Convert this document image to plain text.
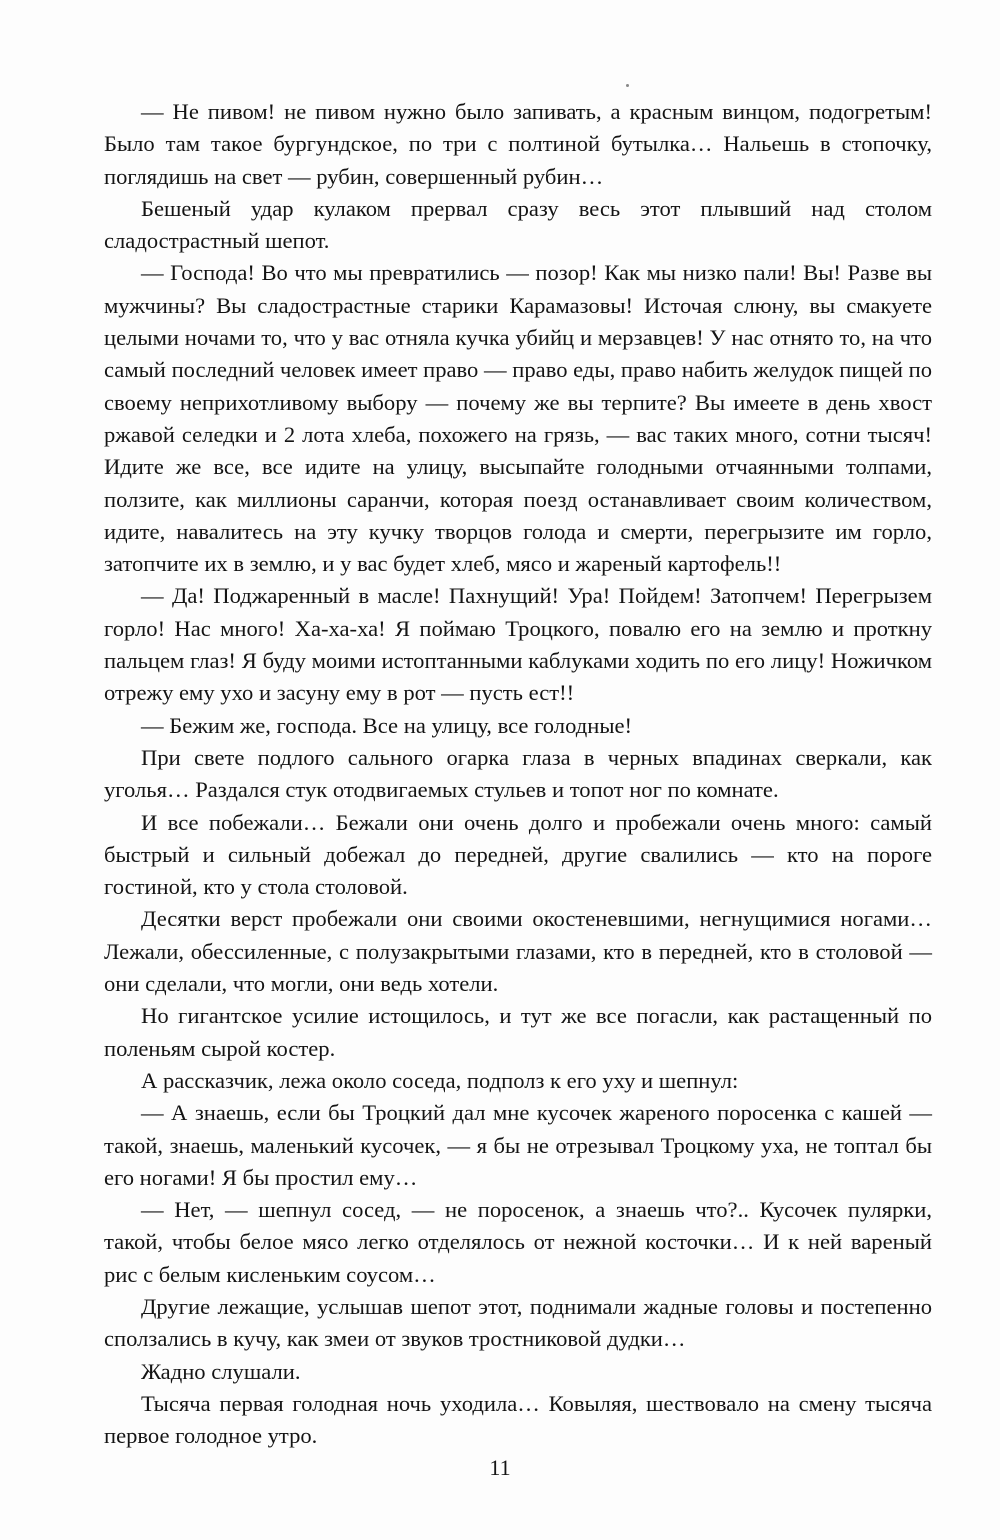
— Не пивом! не пивом нужно было запивать, а красным винцом, подогретым! Было там такое бургундское, по три с полтиной бутылка… Нальешь в стопочку, поглядишь на свет — рубин, совершенный рубин…

Бешеный удар кулаком прервал сразу весь этот плывший над столом сладострастный шепот.

— Господа! Во что мы превратились — позор! Как мы низко пали! Вы! Разве вы мужчины? Вы сладострастные старики Карамазовы! Источая слюну, вы смакуете целыми ночами то, что у вас отняла кучка убийц и мерзавцев! У нас отнято то, на что самый последний человек имеет право — право еды, право набить желудок пищей по своему неприхотливому выбору — почему же вы терпите? Вы имеете в день хвост ржавой селедки и 2 лота хлеба, похожего на грязь, — вас таких много, сотни тысяч! Идите же все, все идите на улицу, высыпайте голодными отчаянными толпами, ползите, как миллионы саранчи, которая поезд останавливает своим количеством, идите, навалитесь на эту кучку творцов голода и смерти, перегрызите им горло, затопчите их в землю, и у вас будет хлеб, мясо и жареный картофель!!

— Да! Поджаренный в масле! Пахнущий! Ура! Пойдем! Затопчем! Перегрызем горло! Нас много! Ха-ха-ха! Я поймаю Троцкого, повалю его на землю и проткну пальцем глаз! Я буду моими истоптанными каблуками ходить по его лицу! Ножичком отрежу ему ухо и засуну ему в рот — пусть ест!!

— Бежим же, господа. Все на улицу, все голодные!

При свете подлого сального огарка глаза в черных впадинах сверкали, как уголья… Раздался стук отодвигаемых стульев и топот ног по комнате.

И все побежали… Бежали они очень долго и пробежали очень много: самый быстрый и сильный добежал до передней, другие свалились — кто на пороге гостиной, кто у стола столовой.

Десятки верст пробежали они своими окостеневшими, негнущимися ногами… Лежали, обессиленные, с полузакрытыми глазами, кто в передней, кто в столовой — они сделали, что могли, они ведь хотели.

Но гигантское усилие истощилось, и тут же все погасли, как растащенный по поленьям сырой костер.

А рассказчик, лежа около соседа, подполз к его уху и шепнул:

— А знаешь, если бы Троцкий дал мне кусочек жареного поросенка с кашей — такой, знаешь, маленький кусочек, — я бы не отрезывал Троцкому уха, не топтал бы его ногами! Я бы простил ему…

— Нет, — шепнул сосед, — не поросенок, а знаешь что?.. Кусочек пулярки, такой, чтобы белое мясо легко отделялось от нежной косточки… И к ней вареный рис с белым кисленьким соусом…

Другие лежащие, услышав шепот этот, поднимали жадные головы и постепенно сползались в кучу, как змеи от звуков тростниковой дудки…

Жадно слушали.

Тысяча первая голодная ночь уходила… Ковыляя, шествовало на смену тысяча первое голодное утро.

11
